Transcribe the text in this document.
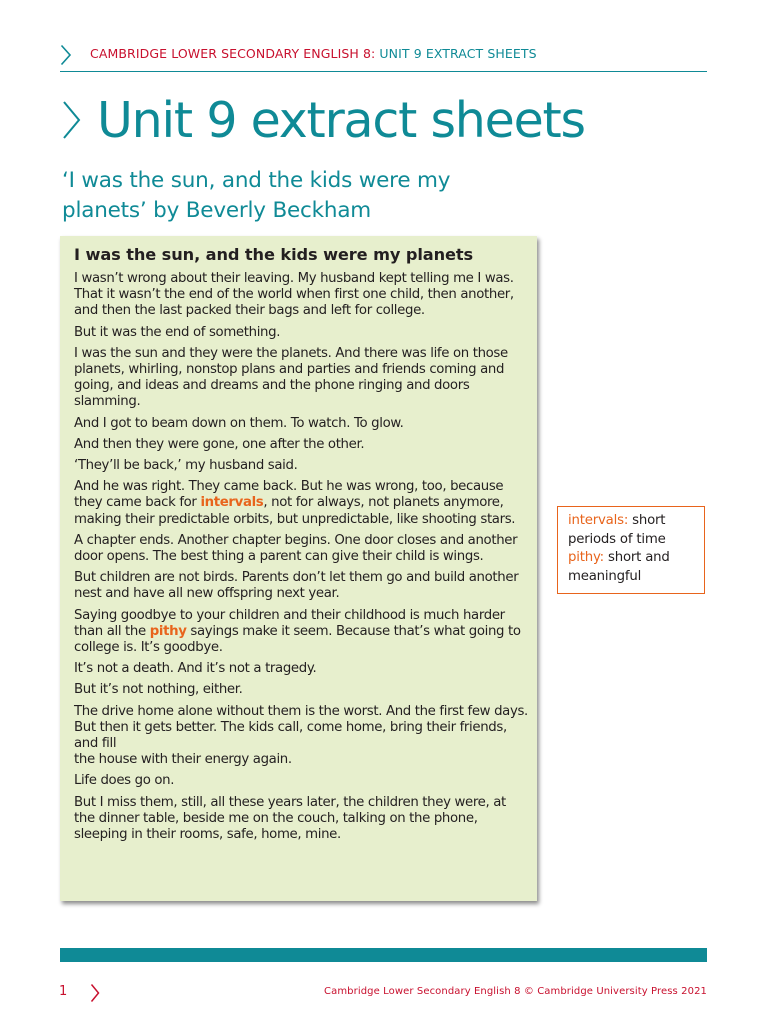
CAMBRIDGE LOWER SECONDARY ENGLISH 8: UNIT 9 EXTRACT SHEETS
Unit 9 extract sheets
‘I was the sun, and the kids were my planets’ by Beverly Beckham
I was the sun, and the kids were my planets

I wasn’t wrong about their leaving. My husband kept telling me I was. That it wasn’t the end of the world when first one child, then another, and then the last packed their bags and left for college.

But it was the end of something.

I was the sun and they were the planets. And there was life on those planets, whirling, nonstop plans and parties and friends coming and going, and ideas and dreams and the phone ringing and doors slamming.

And I got to beam down on them. To watch. To glow.

And then they were gone, one after the other.

‘They’ll be back,’ my husband said.

And he was right. They came back. But he was wrong, too, because they came back for intervals, not for always, not planets anymore, making their predictable orbits, but unpredictable, like shooting stars.

A chapter ends. Another chapter begins. One door closes and another door opens. The best thing a parent can give their child is wings.

But children are not birds. Parents don’t let them go and build another nest and have all new offspring next year.

Saying goodbye to your children and their childhood is much harder than all the pithy sayings make it seem. Because that’s what going to college is. It’s goodbye.

It’s not a death. And it’s not a tragedy.

But it’s not nothing, either.

The drive home alone without them is the worst. And the first few days. But then it gets better. The kids call, come home, bring their friends, and fill
the house with their energy again.

Life does go on.

But I miss them, still, all these years later, the children they were, at the dinner table, beside me on the couch, talking on the phone, sleeping in their rooms, safe, home, mine.

intervals: short periods of time
pithy: short and meaningful
1	Cambridge Lower Secondary English 8 © Cambridge University Press 2021
